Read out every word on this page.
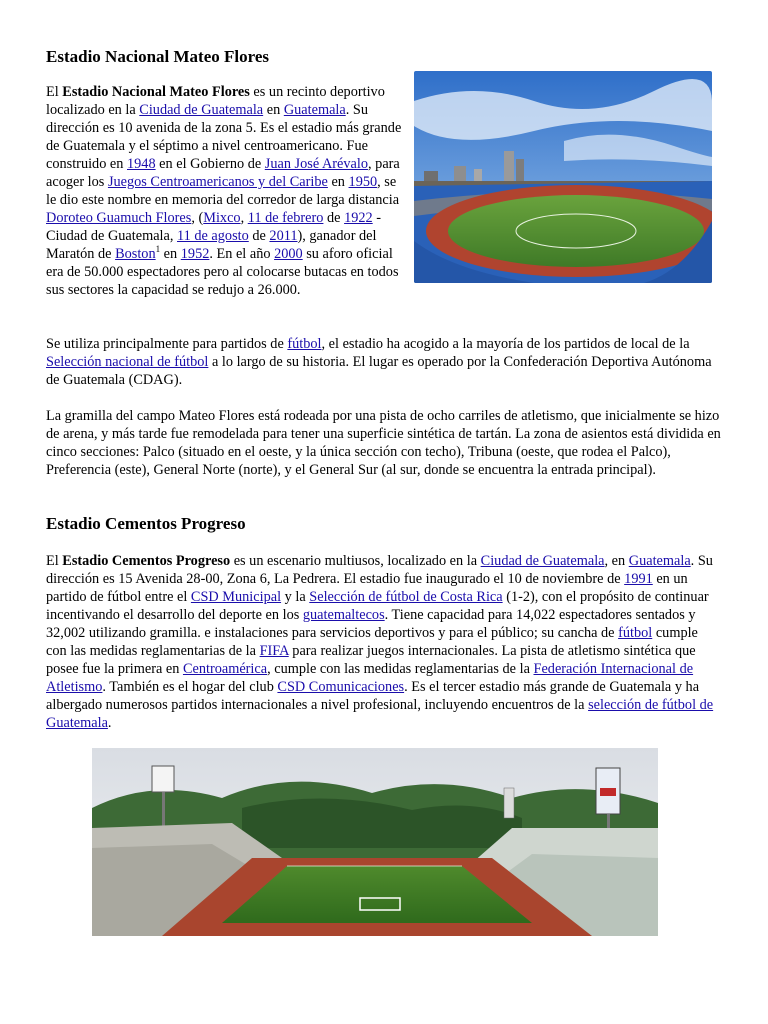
Estadio Nacional Mateo Flores

El Estadio Nacional Mateo Flores es un recinto deportivo localizado en la Ciudad de Guatemala en Guatemala. Su dirección es 10 avenida de la zona 5. Es el estadio más grande de Guatemala y el séptimo a nivel centroamericano. Fue construido en 1948 en el Gobierno de Juan José Arévalo, para acoger los Juegos Centroamericanos y del Caribe en 1950, se le dio este nombre en memoria del corredor de larga distancia Doroteo Guamuch Flores, (Mixco, 11 de febrero de 1922 - Ciudad de Guatemala, 11 de agosto de 2011), ganador del Maratón de Boston$^1$ en 1952. En el año 2000 su aforo oficial era de 50.000 espectadores pero al colocarse butacas en todos sus sectores la capacidad se redujo a 26.000.

Se utiliza principalmente para partidos de fútbol, el estadio ha acogido a la mayoría de los partidos de local de la Selección nacional de fútbol a lo largo de su historia. El lugar es operado por la Confederación Deportiva Autónoma de Guatemala (CDAG).

La gramilla del campo Mateo Flores está rodeada por una pista de ocho carriles de atletismo, que inicialmente se hizo de arena, y más tarde fue remodelada para tener una superficie sintética de tartán. La zona de asientos está dividida en cinco secciones: Palco (situado en el oeste, y la única sección con techo), Tribuna (oeste, que rodea el Palco), Preferencia (este), General Norte (norte), y el General Sur (al sur, donde se encuentra la entrada principal).

Estadio Cementos Progreso

El Estadio Cementos Progreso es un escenario multiusos, localizado en la Ciudad de Guatemala, en Guatemala. Su dirección es 15 Avenida 28-00, Zona 6, La Pedrera. El estadio fue inaugurado el 10 de noviembre de 1991 en un partido de fútbol entre el CSD Municipal y la Selección de fútbol de Costa Rica (1-2), con el propósito de continuar incentivando el desarrollo del deporte en los guatemaltecos. Tiene capacidad para 14,022 espectadores sentados y 32,002 utilizando gramilla. e instalaciones para servicios deportivos y para el público; su cancha de fútbol cumple con las medidas reglamentarias de la FIFA para realizar juegos internacionales. La pista de atletismo sintética que posee fue la primera en Centroamérica, cumple con las medidas reglamentarias de la Federación Internacional de Atletismo. También es el hogar del club CSD Comunicaciones. Es el tercer estadio más grande de Guatemala y ha albergado numerosos partidos internacionales a nivel profesional, incluyendo encuentros de la selección de fútbol de Guatemala.
